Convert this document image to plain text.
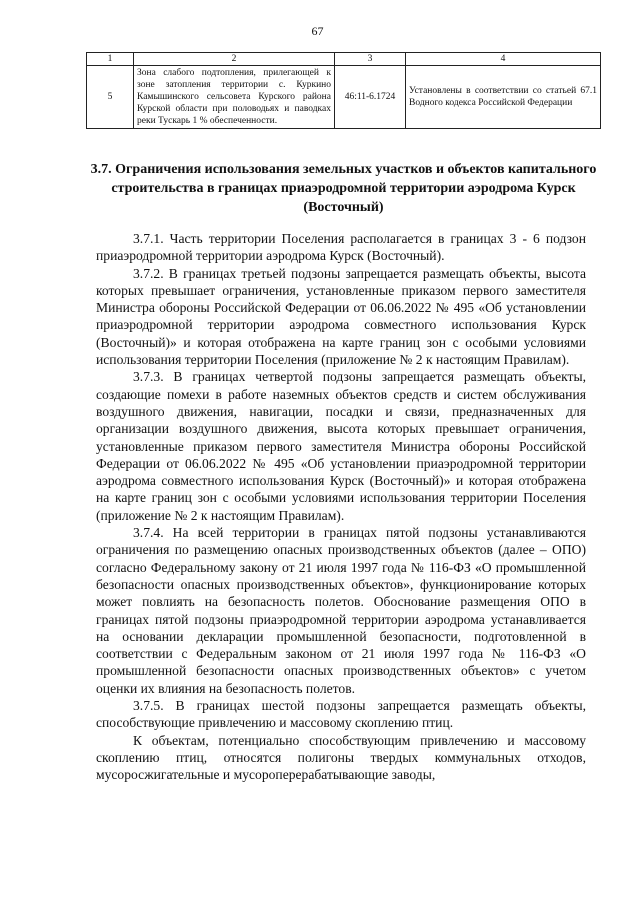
67
1	2	3	4
5	Зона слабого подтопления, прилегающей к зоне затопления территории с. Куркино Камышинского сельсовета Курского района Курской области при половодьях и паводках реки Тускарь 1 % обеспеченности.	46:11-6.1724	Установлены в соответствии со статьей 67.1 Водного кодекса Российской Федерации
3.7. Ограничения использования земельных участков и объектов капитального строительства в границах приаэродромной территории аэродрома Курск (Восточный)

3.7.1. Часть территории Поселения располагается в границах 3 - 6 подзон приаэродромной территории аэродрома Курск (Восточный).

3.7.2. В границах третьей подзоны запрещается размещать объекты, высота которых превышает ограничения, установленные приказом первого заместителя Министра обороны Российской Федерации от 06.06.2022 № 495 «Об установлении приаэродромной территории аэродрома совместного использования Курск (Восточный)» и которая отображена на карте границ зон с особыми условиями использования территории Поселения (приложение № 2 к настоящим Правилам).

3.7.3. В границах четвертой подзоны запрещается размещать объекты, создающие помехи в работе наземных объектов средств и систем обслуживания воздушного движения, навигации, посадки и связи, предназначенных для организации воздушного движения, высота которых превышает ограничения, установленные приказом первого заместителя Министра обороны Российской Федерации от 06.06.2022 № 495 «Об установлении приаэродромной территории аэродрома совместного использования Курск (Восточный)» и которая отображена на карте границ зон с особыми условиями использования территории Поселения (приложение № 2 к настоящим Правилам).

3.7.4. На всей территории в границах пятой подзоны устанавливаются ограничения по размещению опасных производственных объектов (далее – ОПО) согласно Федеральному закону от 21 июля 1997 года № 116-ФЗ «О промышленной безопасности опасных производственных объектов», функционирование которых может повлиять на безопасность полетов. Обоснование размещения ОПО в границах пятой подзоны приаэродромной территории аэродрома устанавливается на основании декларации промышленной безопасности, подготовленной в соответствии с Федеральным законом от 21 июля 1997 года № 116-ФЗ «О промышленной безопасности опасных производственных объектов» с учетом оценки их влияния на безопасность полетов.

3.7.5. В границах шестой подзоны запрещается размещать объекты, способствующие привлечению и массовому скоплению птиц.

К объектам, потенциально способствующим привлечению и массовому скоплению птиц, относятся полигоны твердых коммунальных отходов, мусоросжигательные и мусороперерабатывающие заводы,
